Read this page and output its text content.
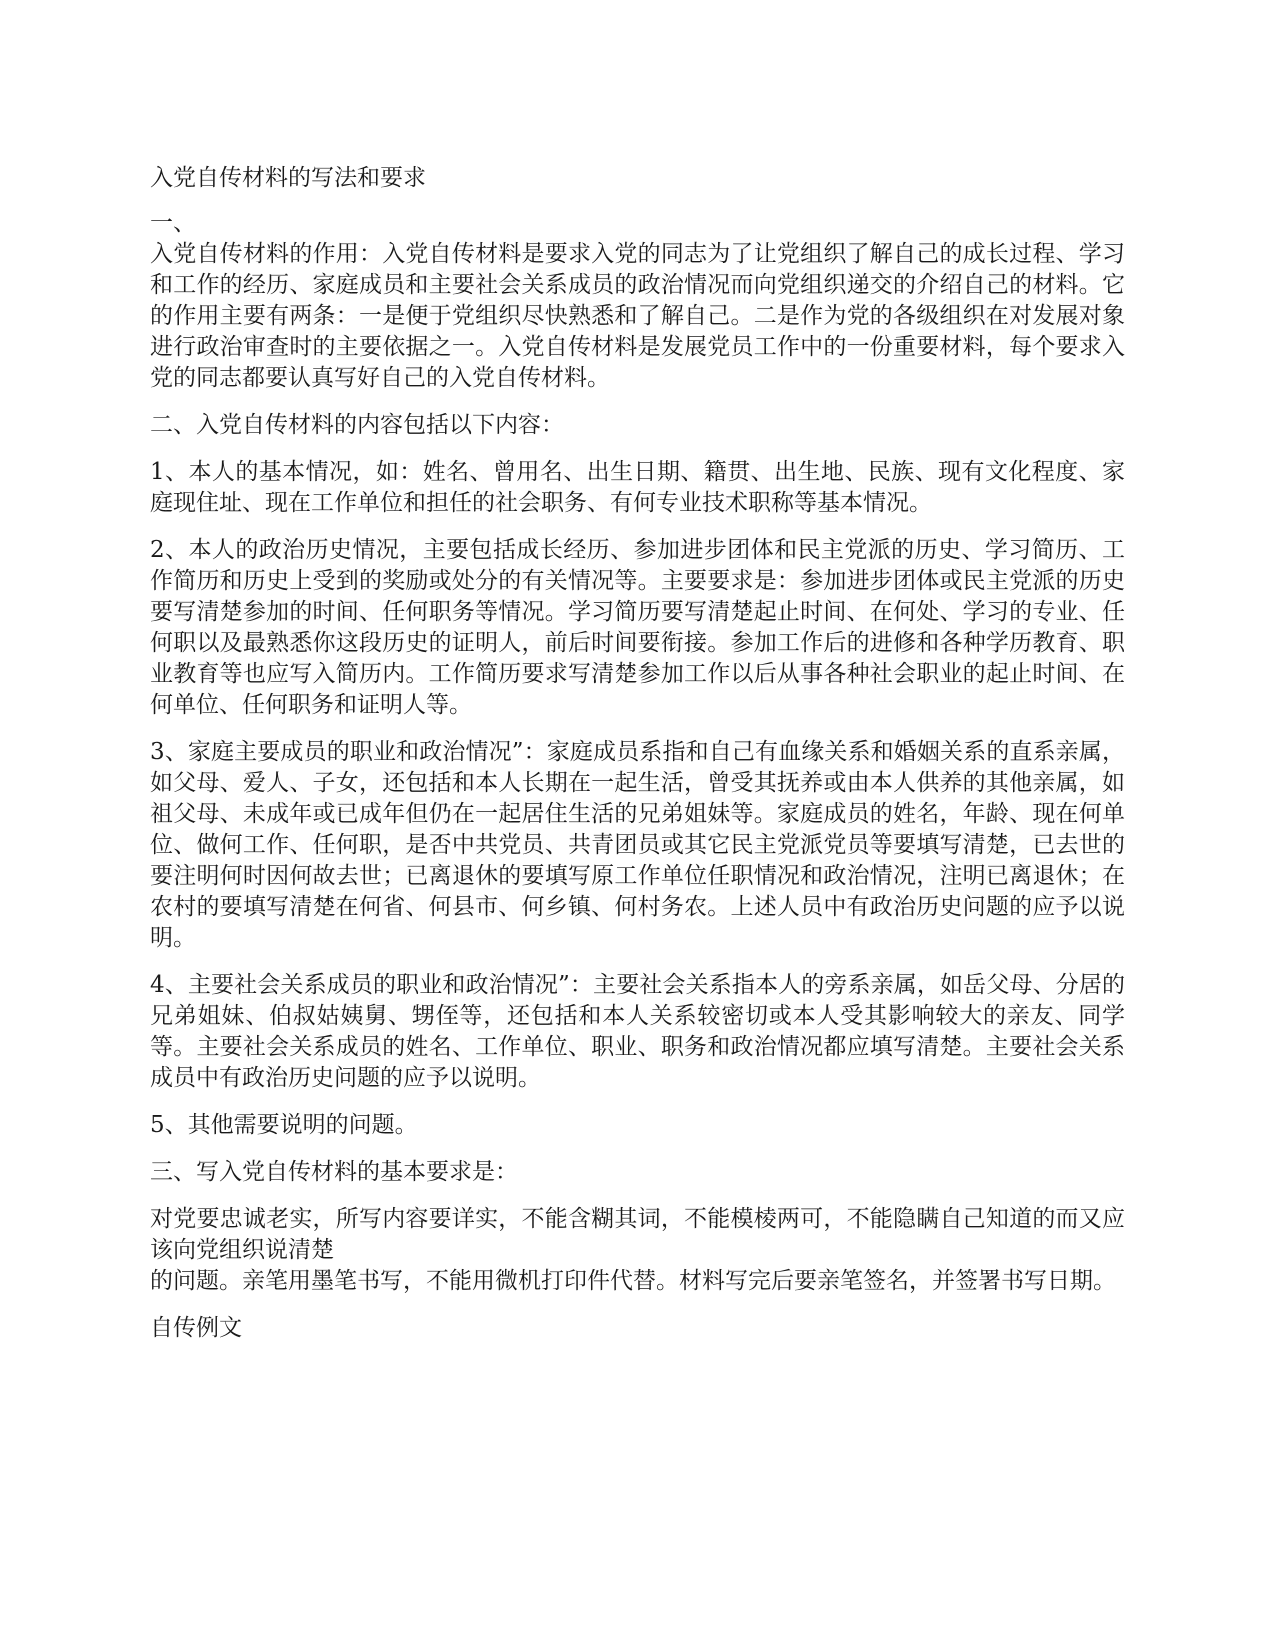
入党自传材料的写法和要求

一、

入党自传材料的作用：入党自传材料是要求入党的同志为了让党组织了解自己的成长过程、学习和工作的经历、家庭成员和主要社会关系成员的政治情况而向党组织递交的介绍自己的材料。它的作用主要有两条：一是便于党组织尽快熟悉和了解自己。二是作为党的各级组织在对发展对象进行政治审查时的主要依据之一。入党自传材料是发展党员工作中的一份重要材料，每个要求入党的同志都要认真写好自己的入党自传材料。

二、入党自传材料的内容包括以下内容：

1、本人的基本情况，如：姓名、曾用名、出生日期、籍贯、出生地、民族、现有文化程度、家庭现住址、现在工作单位和担任的社会职务、有何专业技术职称等基本情况。

2、本人的政治历史情况，主要包括成长经历、参加进步团体和民主党派的历史、学习简历、工作简历和历史上受到的奖励或处分的有关情况等。主要要求是：参加进步团体或民主党派的历史要写清楚参加的时间、任何职务等情况。学习简历要写清楚起止时间、在何处、学习的专业、任何职以及最熟悉你这段历史的证明人，前后时间要衔接。参加工作后的进修和各种学历教育、职业教育等也应写入简历内。工作简历要求写清楚参加工作以后从事各种社会职业的起止时间、在何单位、任何职务和证明人等。

3、家庭主要成员的职业和政治情况”：家庭成员系指和自己有血缘关系和婚姻关系的直系亲属，如父母、爱人、子女，还包括和本人长期在一起生活，曾受其抚养或由本人供养的其他亲属，如祖父母、未成年或已成年但仍在一起居住生活的兄弟姐妹等。家庭成员的姓名，年龄、现在何单位、做何工作、任何职，是否中共党员、共青团员或其它民主党派党员等要填写清楚，已去世的要注明何时因何故去世；已离退休的要填写原工作单位任职情况和政治情况，注明已离退休；在农村的要填写清楚在何省、何县市、何乡镇、何村务农。上述人员中有政治历史问题的应予以说明。

4、主要社会关系成员的职业和政治情况”：主要社会关系指本人的旁系亲属，如岳父母、分居的兄弟姐妹、伯叔姑姨舅、甥侄等，还包括和本人关系较密切或本人受其影响较大的亲友、同学等。主要社会关系成员的姓名、工作单位、职业、职务和政治情况都应填写清楚。主要社会关系成员中有政治历史问题的应予以说明。

5、其他需要说明的问题。

三、写入党自传材料的基本要求是：

对党要忠诚老实，所写内容要详实，不能含糊其词，不能模棱两可，不能隐瞒自己知道的而又应该向党组织说清楚

的问题。亲笔用墨笔书写，不能用微机打印件代替。材料写完后要亲笔签名，并签署书写日期。

自传例文
